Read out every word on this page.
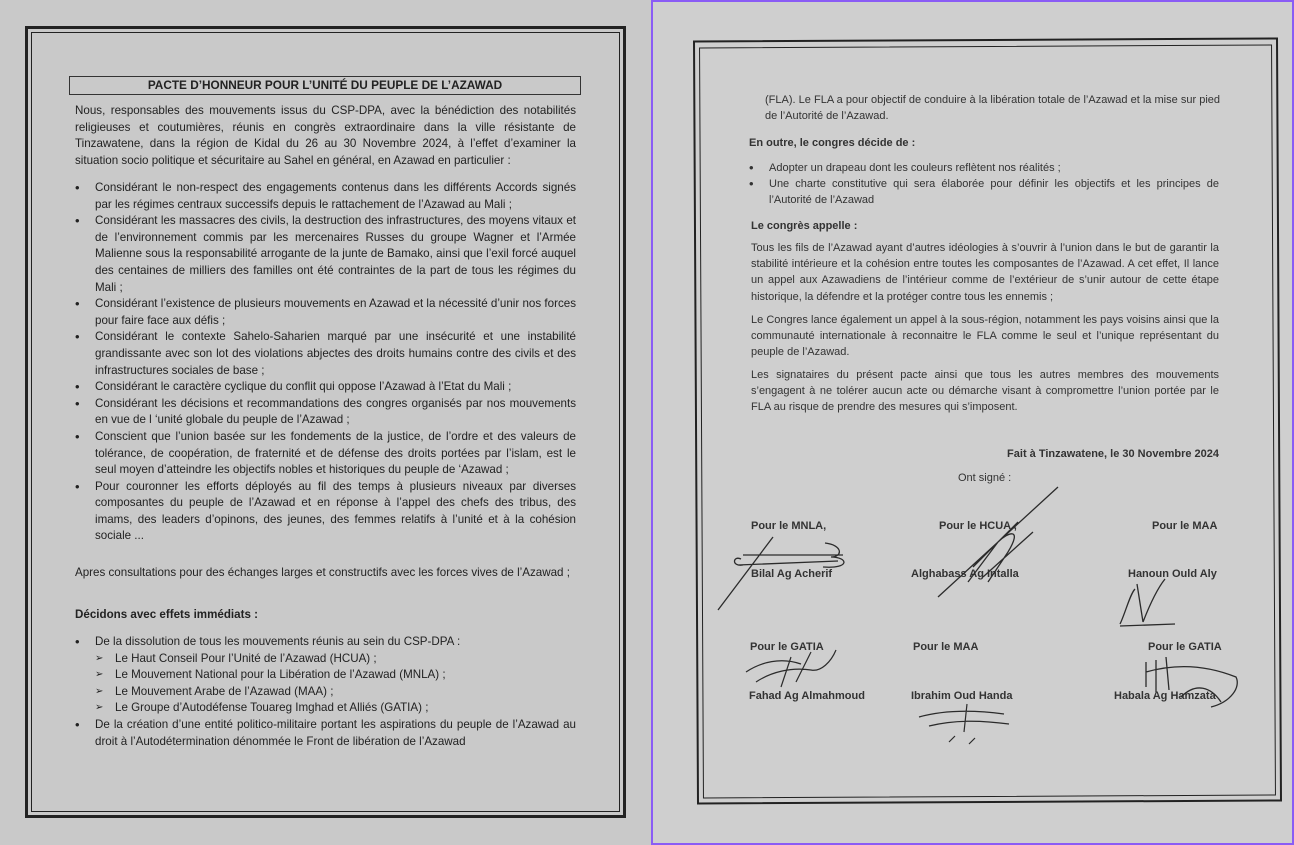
PACTE D’HONNEUR POUR L’UNITÉ DU PEUPLE DE L’AZAWAD
Nous, responsables des mouvements issus du CSP-DPA, avec la bénédiction des notabilités religieuses et coutumières, réunis en congrès extraordinaire dans la ville résistante de Tinzawatene, dans la région de Kidal du 26 au 30 Novembre 2024, à l’effet d’examiner la situation socio politique et sécuritaire au Sahel en général, en Azawad en particulier :
• Considérant le non-respect des engagements contenus dans les différents Accords signés par les régimes centraux successifs depuis le rattachement de l’Azawad au Mali ;
• Considérant les massacres des civils, la destruction des infrastructures, des moyens vitaux et de l’environnement commis par les mercenaires Russes du groupe Wagner et l’Armée Malienne sous la responsabilité arrogante de la junte de Bamako, ainsi que l’exil forcé auquel des centaines de milliers des familles ont été contraintes de la part de tous les régimes du Mali ;
• Considérant l’existence de plusieurs mouvements en Azawad et la nécessité d’unir nos forces pour faire face aux défis ;
• Considérant le contexte Sahelo-Saharien marqué par une insécurité et une instabilité grandissante avec son lot des violations abjectes des droits humains contre des civils et des infrastructures sociales de base ;
• Considérant le caractère cyclique du conflit qui oppose l’Azawad à l’Etat du Mali ;
• Considérant les décisions et recommandations des congres organisés par nos mouvements en vue de l ‘unité globale du peuple de l’Azawad ;
• Conscient que l’union basée sur les fondements de la justice, de l’ordre et des valeurs de tolérance, de coopération, de fraternité et de défense des droits portées par l’islam, est le seul moyen d’atteindre les objectifs nobles et historiques du peuple de ‘Azawad ;
• Pour couronner les efforts déployés au fil des temps à plusieurs niveaux par diverses composantes du peuple de l’Azawad et en réponse à l’appel des chefs des tribus, des imams, des leaders d’opinons, des jeunes, des femmes relatifs à l’unité et à la cohésion sociale ...
Apres consultations pour des échanges larges et constructifs avec les forces vives de l’Azawad ;
Décidons avec effets immédiats :
• De la dissolution de tous les mouvements réunis au sein du CSP-DPA :
➢ Le Haut Conseil Pour l’Unité de l’Azawad (HCUA) ;
➢ Le Mouvement National pour la Libération de l’Azawad (MNLA) ;
➢ Le Mouvement Arabe de l’Azawad (MAA) ;
➢ Le Groupe d’Autodéfense Touareg Imghad et Alliés (GATIA) ;
• De la création d’une entité politico-militaire portant les aspirations du peuple de l’Azawad au droit à l’Autodétermination dénommée le Front de libération de l’Azawad
(FLA). Le FLA a pour objectif de conduire à la libération totale de l’Azawad et la mise sur pied de l’Autorité de l’Azawad.
En outre, le congres décide de :
• Adopter un drapeau dont les couleurs reflètent nos réalités ;
• Une charte constitutive qui sera élaborée pour définir les objectifs et les principes de l’Autorité de l’Azawad
Le congrès appelle :
Tous les fils de l’Azawad ayant d’autres idéologies à s’ouvrir à l’union dans le but de garantir la stabilité intérieure et la cohésion entre toutes les composantes de l’Azawad. A cet effet, Il lance un appel aux Azawadiens de l’intérieur comme de l’extérieur de s’unir autour de cette étape historique, la défendre et la protéger contre tous les ennemis ;
Le Congres lance également un appel à la sous-région, notamment les pays voisins ainsi que la communauté internationale à reconnaitre le FLA comme le seul et l’unique représentant du peuple de l’Azawad.
Les signataires du présent pacte ainsi que tous les autres membres des mouvements s’engagent à ne tolérer aucun acte ou démarche visant à compromettre l’union portée par le FLA au risque de prendre des mesures qui s’imposent.
Fait à Tinzawatene, le 30 Novembre 2024
Ont signé :
Pour le MNLA,
Bilal Ag Acherif
Pour le HCUA ,
Alghabass Ag Intalla
Pour le MAA
Hanoun Ould Aly
Pour le GATIA
Fahad Ag Almahmoud
Pour le MAA
Ibrahim Oud Handa
Pour le GATIA
Habala Ag Hamzata
